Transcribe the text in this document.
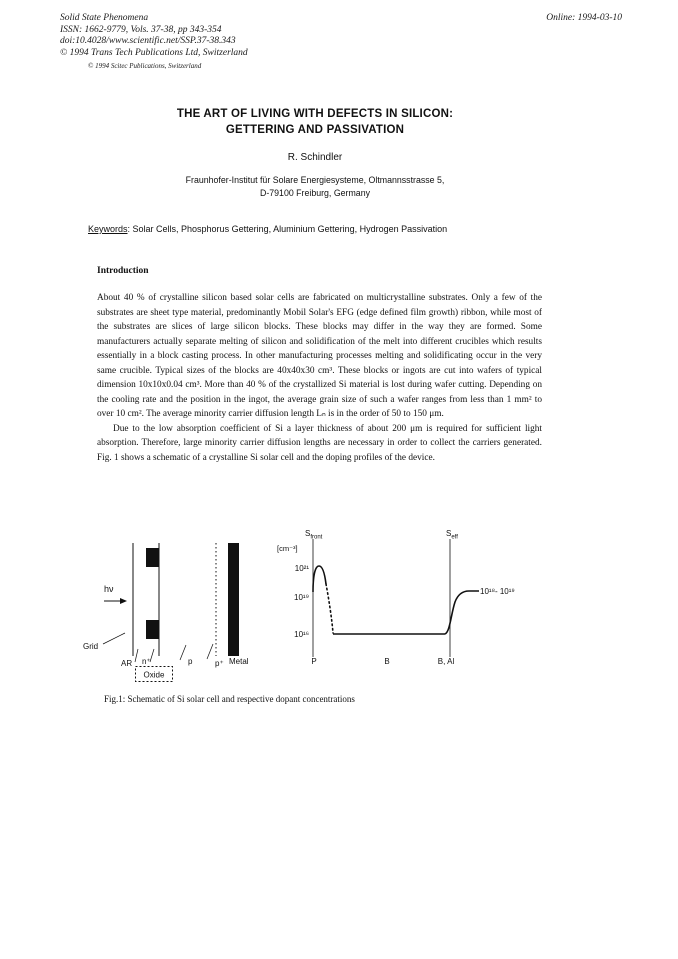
Solid State Phenomena
ISSN: 1662-9779, Vols. 37-38, pp 343-354
doi:10.4028/www.scientific.net/SSP.37-38.343
© 1994 Trans Tech Publications Ltd, Switzerland
© 1994 Scitec Publications, Switzerland
Online: 1994-03-10
THE ART OF LIVING WITH DEFECTS IN SILICON:
GETTERING AND PASSIVATION
R. Schindler
Fraunhofer-Institut für Solare Energiesysteme, Oltmannsstrasse 5,
D-79100 Freiburg, Germany
Keywords: Solar Cells, Phosphorus Gettering, Aluminium Gettering, Hydrogen Passivation
Introduction

About 40 % of crystalline silicon based solar cells are fabricated on multicrystalline substrates. Only a few of the substrates are sheet type material, predominantly Mobil Solar's EFG (edge defined film growth) ribbon, while most of the substrates are slices of large silicon blocks. These blocks may differ in the way they are formed. Some manufacturers actually separate melting of silicon and solidification of the melt into different crucibles which results essentially in a block casting process. In other manufacturing processes melting and solidificating occur in the very same crucible. Typical sizes of the blocks are 40x40x30 cm³. These blocks or ingots are cut into wafers of typical dimension 10x10x0.04 cm³. More than 40 % of the crystallized Si material is lost during wafer cutting. Depending on the cooling rate and the position in the ingot, the average grain size of such a wafer ranges from less than 1 mm² to over 10 cm². The average minority carrier diffusion length Lₙ is in the order of 50 to 150 μm.

Due to the low absorption coefficient of Si a layer thickness of about 200 μm is required for sufficient light absorption. Therefore, large minority carrier diffusion lengths are necessary in order to collect the carriers generated. Fig. 1 shows a schematic of a crystalline Si solar cell and the doping profiles of the device.

hν
Grid
AR n⁺	p	p⁺ Metal
Oxide
[cm⁻³]
10²¹
10¹⁹
10¹⁶
$S_{front}$	$S_{eff}$
10¹⁸- 10¹⁹
P	B	B, Al
Fig.1: Schematic of Si solar cell and respective dopant concentrations
